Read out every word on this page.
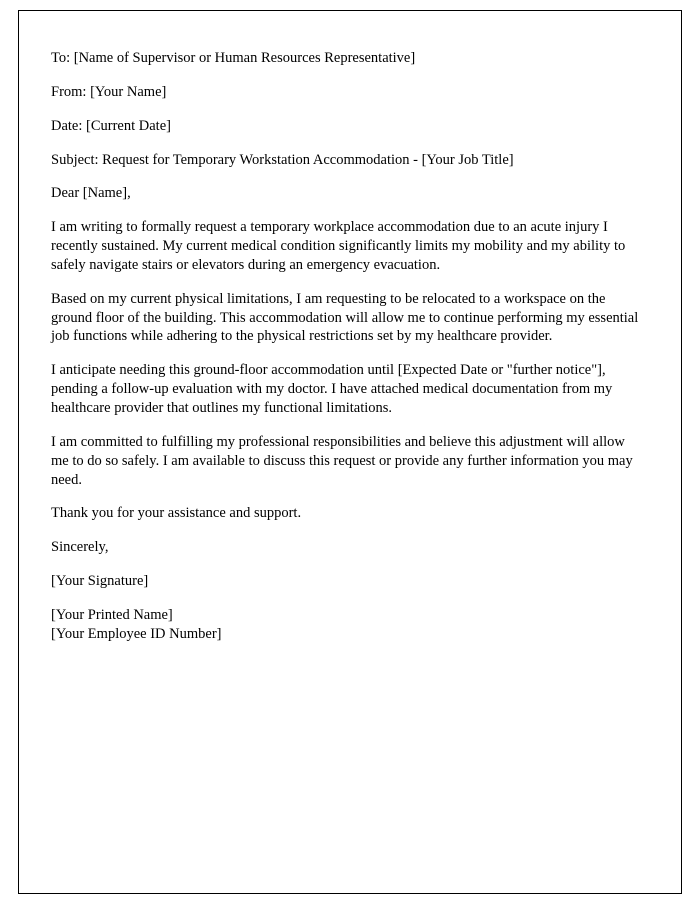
To: [Name of Supervisor or Human Resources Representative]

From: [Your Name]

Date: [Current Date]

Subject: Request for Temporary Workstation Accommodation - [Your Job Title]

Dear [Name],

I am writing to formally request a temporary workplace accommodation due to an acute injury I recently sustained. My current medical condition significantly limits my mobility and my ability to safely navigate stairs or elevators during an emergency evacuation.

Based on my current physical limitations, I am requesting to be relocated to a workspace on the ground floor of the building. This accommodation will allow me to continue performing my essential job functions while adhering to the physical restrictions set by my healthcare provider.

I anticipate needing this ground-floor accommodation until [Expected Date or "further notice"], pending a follow-up evaluation with my doctor. I have attached medical documentation from my healthcare provider that outlines my functional limitations.

I am committed to fulfilling my professional responsibilities and believe this adjustment will allow me to do so safely. I am available to discuss this request or provide any further information you may need.

Thank you for your assistance and support.

Sincerely,

[Your Signature]

[Your Printed Name]

[Your Employee ID Number]
